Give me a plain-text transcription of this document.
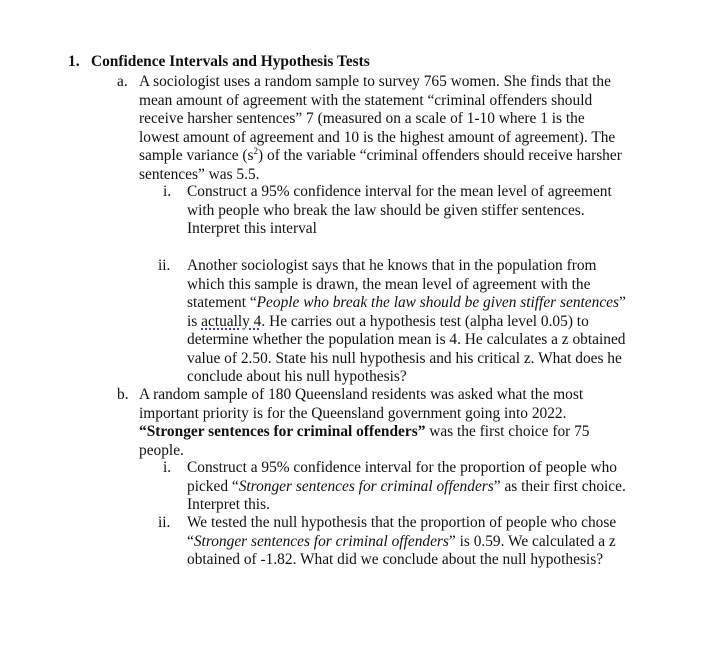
1. Confidence Intervals and Hypothesis Tests
a. A sociologist uses a random sample to survey 765 women. She finds that the
mean amount of agreement with the statement “criminal offenders should
receive harsher sentences” 7 (measured on a scale of 1-10 where 1 is the
lowest amount of agreement and 10 is the highest amount of agreement). The
sample variance $(s^2)$ of the variable “criminal offenders should receive harsher
sentences” was 5.5.
i. Construct a 95% confidence interval for the mean level of agreement
with people who break the law should be given stiffer sentences.
Interpret this interval
ii. Another sociologist says that he knows that in the population from
which this sample is drawn, the mean level of agreement with the
statement “People who break the law should be given stiffer sentences”
is actually 4. He carries out a hypothesis test (alpha level 0.05) to
determine whether the population mean is 4. He calculates a z obtained
value of 2.50. State his null hypothesis and his critical z. What does he
conclude about his null hypothesis?
b. A random sample of 180 Queensland residents was asked what the most
important priority is for the Queensland government going into 2022.
“Stronger sentences for criminal offenders” was the first choice for 75
people.
i. Construct a 95% confidence interval for the proportion of people who
picked “Stronger sentences for criminal offenders” as their first choice.
Interpret this.
ii. We tested the null hypothesis that the proportion of people who chose
“Stronger sentences for criminal offenders” is 0.59. We calculated a z
obtained of -1.82. What did we conclude about the null hypothesis?
